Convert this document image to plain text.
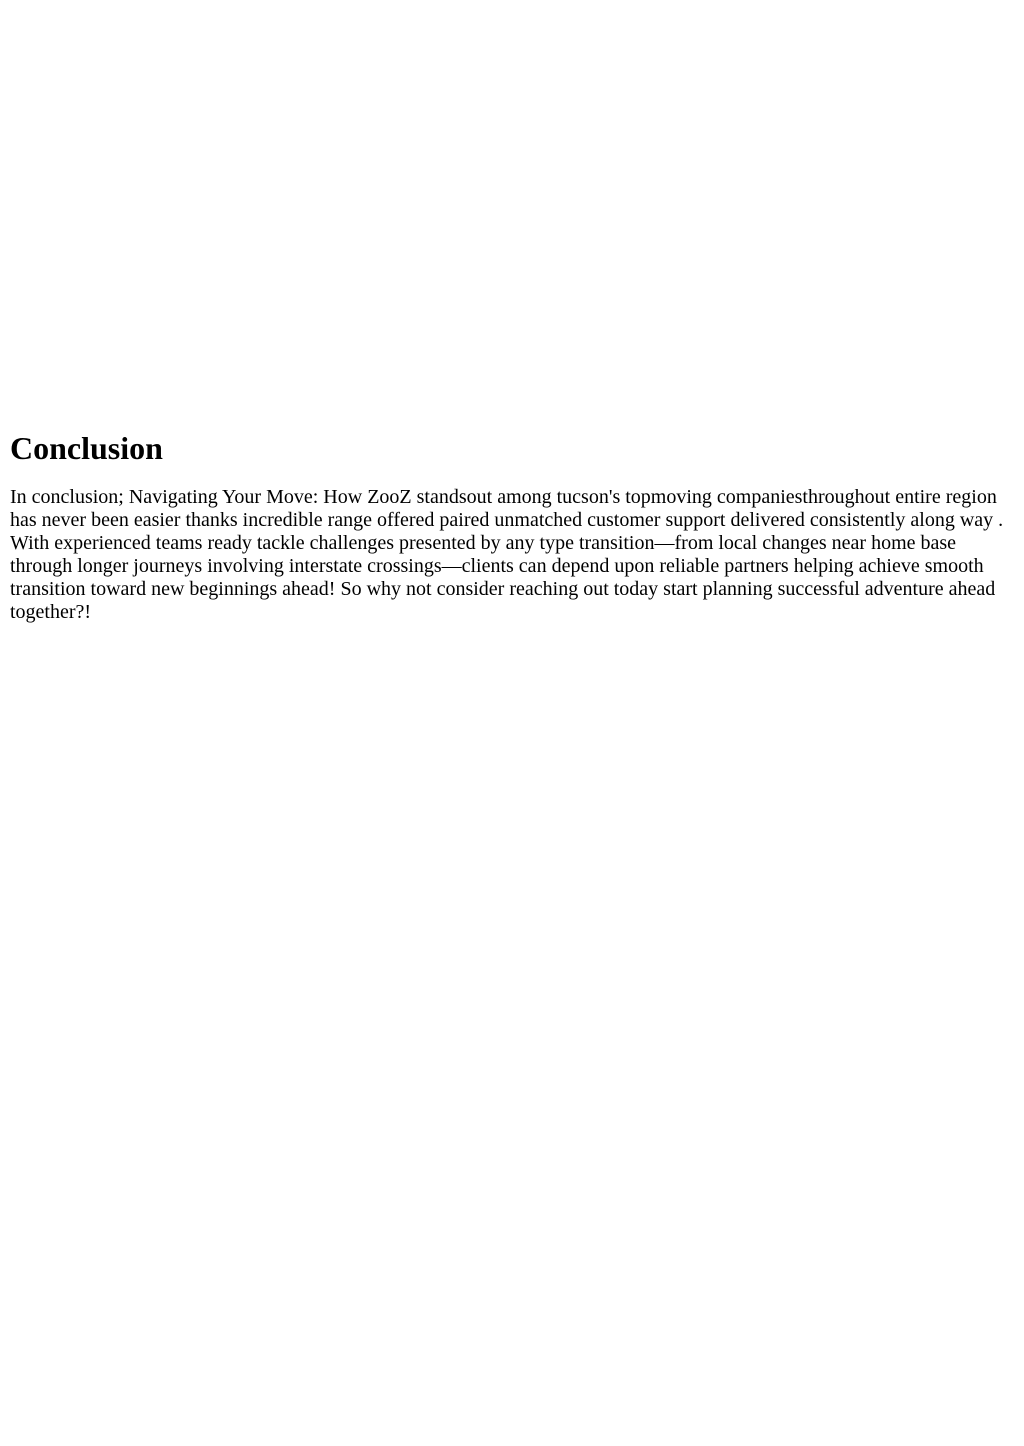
Conclusion

In conclusion; Navigating Your Move: How ZooZ standsout among tucson's topmoving companiesthroughout entire region has never been easier thanks incredible range offered paired unmatched customer support delivered consistently along way . With experienced teams ready tackle challenges presented by any type transition—from local changes near home base through longer journeys involving interstate crossings—clients can depend upon reliable partners helping achieve smooth transition toward new beginnings ahead! So why not consider reaching out today start planning successful adventure ahead together?!
